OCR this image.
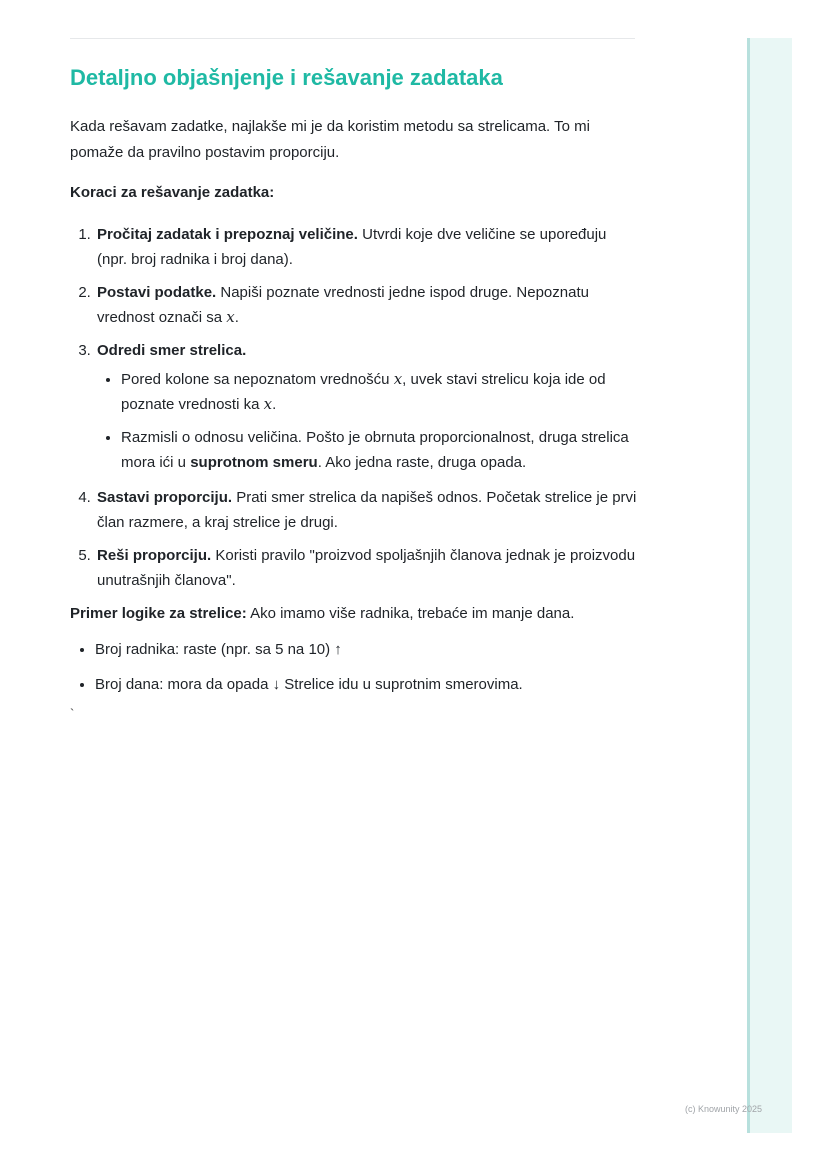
Detaljno objašnjenje i rešavanje zadataka

Kada rešavam zadatke, najlakše mi je da koristim metodu sa strelicama. To mi pomaže da pravilno postavim proporciju.

Koraci za rešavanje zadatka:

1. Pročitaj zadatak i prepoznaj veličine. Utvrdi koje dve veličine se upoređuju (npr. broj radnika i broj dana).
2. Postavi podatke. Napiši poznate vrednosti jedne ispod druge. Nepoznatu vrednost označi sa x.
3. Odredi smer strelica.
• Pored kolone sa nepoznatom vrednošću x, uvek stavi strelicu koja ide od poznate vrednosti ka x.
• Razmisli o odnosu veličina. Pošto je obrnuta proporcionalnost, druga strelica mora ići u suprotnom smeru. Ako jedna raste, druga opada.
4. Sastavi proporciju. Prati smer strelica da napišeš odnos. Početak strelice je prvi član razmere, a kraj strelice je drugi.
5. Reši proporciju. Koristi pravilo "proizvod spoljašnjih članova jednak je proizvodu unutrašnjih članova".

Primer logike za strelice: Ako imamo više radnika, trebaće im manje dana.

• Broj radnika: raste (npr. sa 5 na 10) ↑
• Broj dana: mora da opada ↓ Strelice idu u suprotnim smerovima.
`
(c) Knowunity 2025
